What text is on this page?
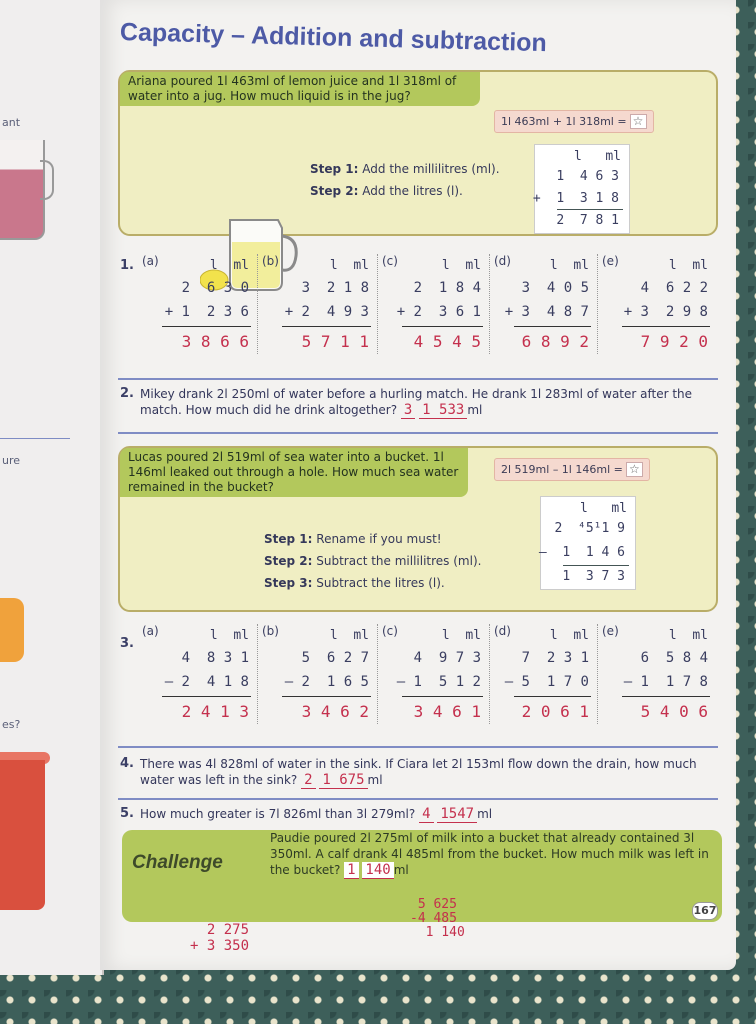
ant
ure
es?
Capacity – Addition and subtraction
Ariana poured 1l 463ml of lemon juice and 1l 318ml of water into a jug. How much liquid is in the jug?
1l 463ml + 1l 318ml = ☆
Step 1: Add the millilitres (ml).
Step 2: Add the litres (l).
l   ml
1  4 6 3
+  1  3 1 8
2  7 8 1
1. (a)	l  ml
2  6 3 0
+ 1  2 3 6
3 8 6 6
(b)	l  ml
3  2 1 8
+ 2  4 9 3
5 7 1 1
(c)	l  ml
2  1 8 4
+ 2  3 6 1
4 5 4 5
(d)	l  ml
3  4 0 5
+ 3  4 8 7
6 8 9 2
(e)	l  ml
4  6 2 2
+ 3  2 9 8
7 9 2 0
2. Mikey drank 2l 250ml of water before a hurling match. He drank 1l 283ml of water after the match. How much did he drink altogether? 3 1 533 ml
Lucas poured 2l 519ml of sea water into a bucket. 1l 146ml leaked out through a hole. How much sea water remained in the bucket?
2l 519ml – 1l 146ml = ☆
Step 1: Rename if you must!
Step 2: Subtract the millilitres (ml).
Step 3: Subtract the litres (l).
l   ml
2  ⁴5¹1 9
–  1  1 4 6
1  3 7 3
3.
(a)	l  ml
4  8 3 1
– 2  4 1 8
2 4 1 3
(b)	l  ml
5  6 2 7
– 2  1 6 5
3 4 6 2
(c)	l  ml
4  9 7 3
– 1  5 1 2
3 4 6 1
(d)	l  ml
7  2 3 1
– 5  1 7 0
2 0 6 1
(e)	l  ml
6  5 8 4
– 1  1 7 8
5 4 0 6
4. There was 4l 828ml of water in the sink. If Ciara let 2l 153ml flow down the drain, how much water was left in the sink? 2 1 675 ml
5. How much greater is 7l 826ml than 3l 279ml? 4 1547 ml
Challenge
Paudie poured 2l 275ml of milk into a bucket that already contained 3l 350ml. A calf drank 4l 485ml from the bucket. How much milk was left in the bucket? 1 140 ml
167
2 275
+ 3 350
5 625
-4 485
1 140
